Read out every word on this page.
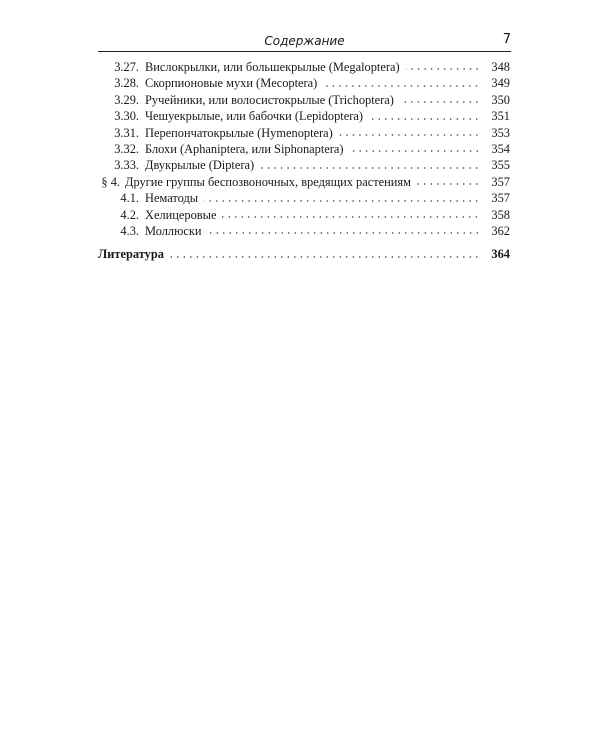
Содержание	7
3.27. Вислокрылки, или большекрылые (Megaloptera)	348
3.28. Скорпионовые мухи (Mecoptera)	349
3.29. Ручейники, или волосистокрылые (Trichoptera)	350
3.30. Чешуекрылые, или бабочки (Lepidoptera)	351
3.31. Перепончатокрылые (Hymenoptera)	353
3.32. Блохи (Aphaniptera, или Siphonaptera)	354
3.33. Двукрылые (Diptera)	355
§ 4. Другие группы беспозвоночных, вредящих растениям	357
4.1. Нематоды	357
4.2. Хелицеровые	358
4.3. Моллюски	362
Литература	364
